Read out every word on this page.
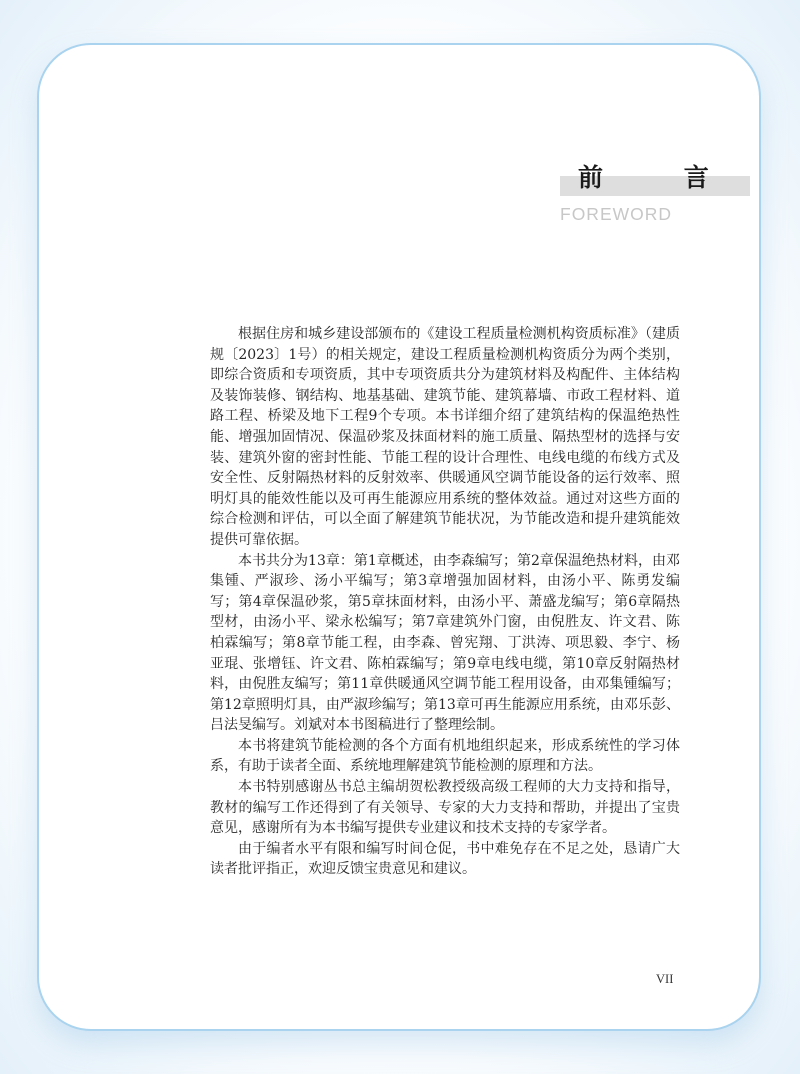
前 言
FOREWORD

根据住房和城乡建设部颁布的《建设工程质量检测机构资质标准》（建质规〔2023〕1号）的相关规定，建设工程质量检测机构资质分为两个类别，即综合资质和专项资质，其中专项资质共分为建筑材料及构配件、主体结构及装饰装修、钢结构、地基基础、建筑节能、建筑幕墙、市政工程材料、道路工程、桥梁及地下工程9个专项。本书详细介绍了建筑结构的保温绝热性能、增强加固情况、保温砂浆及抹面材料的施工质量、隔热型材的选择与安装、建筑外窗的密封性能、节能工程的设计合理性、电线电缆的布线方式及安全性、反射隔热材料的反射效率、供暖通风空调节能设备的运行效率、照明灯具的能效性能以及可再生能源应用系统的整体效益。通过对这些方面的综合检测和评估，可以全面了解建筑节能状况，为节能改造和提升建筑能效提供可靠依据。

本书共分为13章：第1章概述，由李森编写；第2章保温绝热材料，由邓集锺、严淑珍、汤小平编写；第3章增强加固材料，由汤小平、陈勇发编写；第4章保温砂浆，第5章抹面材料，由汤小平、萧盛龙编写；第6章隔热型材，由汤小平、梁永松编写；第7章建筑外门窗，由倪胜友、许文君、陈柏霖编写；第8章节能工程，由李森、曾宪翔、丁洪涛、项思毅、李宁、杨亚琨、张增钰、许文君、陈柏霖编写；第9章电线电缆，第10章反射隔热材料，由倪胜友编写；第11章供暖通风空调节能工程用设备，由邓集锺编写；第12章照明灯具，由严淑珍编写；第13章可再生能源应用系统，由邓乐彭、吕法旻编写。刘斌对本书图稿进行了整理绘制。

本书将建筑节能检测的各个方面有机地组织起来，形成系统性的学习体系，有助于读者全面、系统地理解建筑节能检测的原理和方法。

本书特别感谢丛书总主编胡贺松教授级高级工程师的大力支持和指导，教材的编写工作还得到了有关领导、专家的大力支持和帮助，并提出了宝贵意见，感谢所有为本书编写提供专业建议和技术支持的专家学者。

由于编者水平有限和编写时间仓促，书中难免存在不足之处，恳请广大读者批评指正，欢迎反馈宝贵意见和建议。

VII
